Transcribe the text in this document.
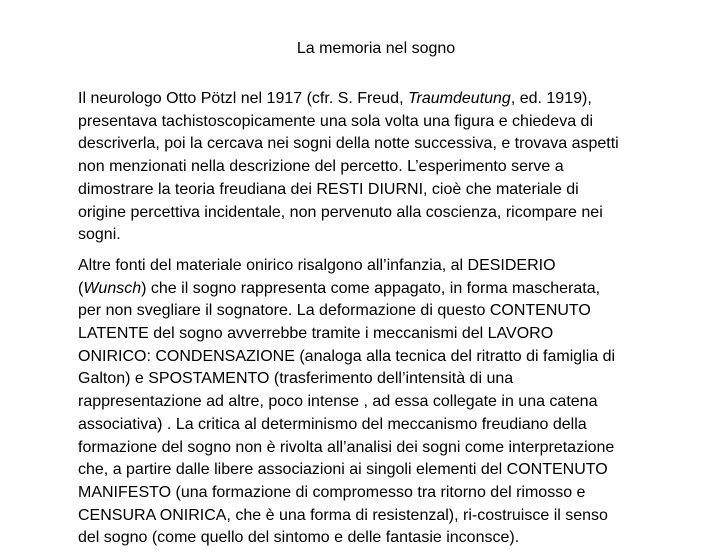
La memoria nel sogno

Il neurologo Otto Pötzl nel 1917 (cfr. S. Freud, Traumdeutung, ed. 1919),
presentava tachistoscopicamente una sola volta una figura e chiedeva di
descriverla, poi la cercava nei sogni della notte successiva, e trovava aspetti
non menzionati nella descrizione del percetto. L’esperimento serve a
dimostrare la teoria freudiana dei RESTI DIURNI, cioè che materiale di
origine percettiva incidentale, non pervenuto alla coscienza, ricompare nei
sogni.

Altre fonti del materiale onirico risalgono all’infanzia, al DESIDERIO
(Wunsch) che il sogno rappresenta come appagato, in forma mascherata,
per non svegliare il sognatore. La deformazione di questo CONTENUTO
LATENTE del sogno avverrebbe tramite i meccanismi del LAVORO
ONIRICO: CONDENSAZIONE (analoga alla tecnica del ritratto di famiglia di
Galton) e SPOSTAMENTO (trasferimento dell’intensità di una
rappresentazione ad altre, poco intense , ad essa collegate in una catena
associativa) . La critica al determinismo del meccanismo freudiano della
formazione del sogno non è rivolta all’analisi dei sogni come interpretazione
che, a partire dalle libere associazioni ai singoli elementi del CONTENUTO
MANIFESTO (una formazione di compromesso tra ritorno del rimosso e
CENSURA ONIRICA, che è una forma di resistenzal), ri-costruisce il senso
del sogno (come quello del sintomo e delle fantasie inconsce).
